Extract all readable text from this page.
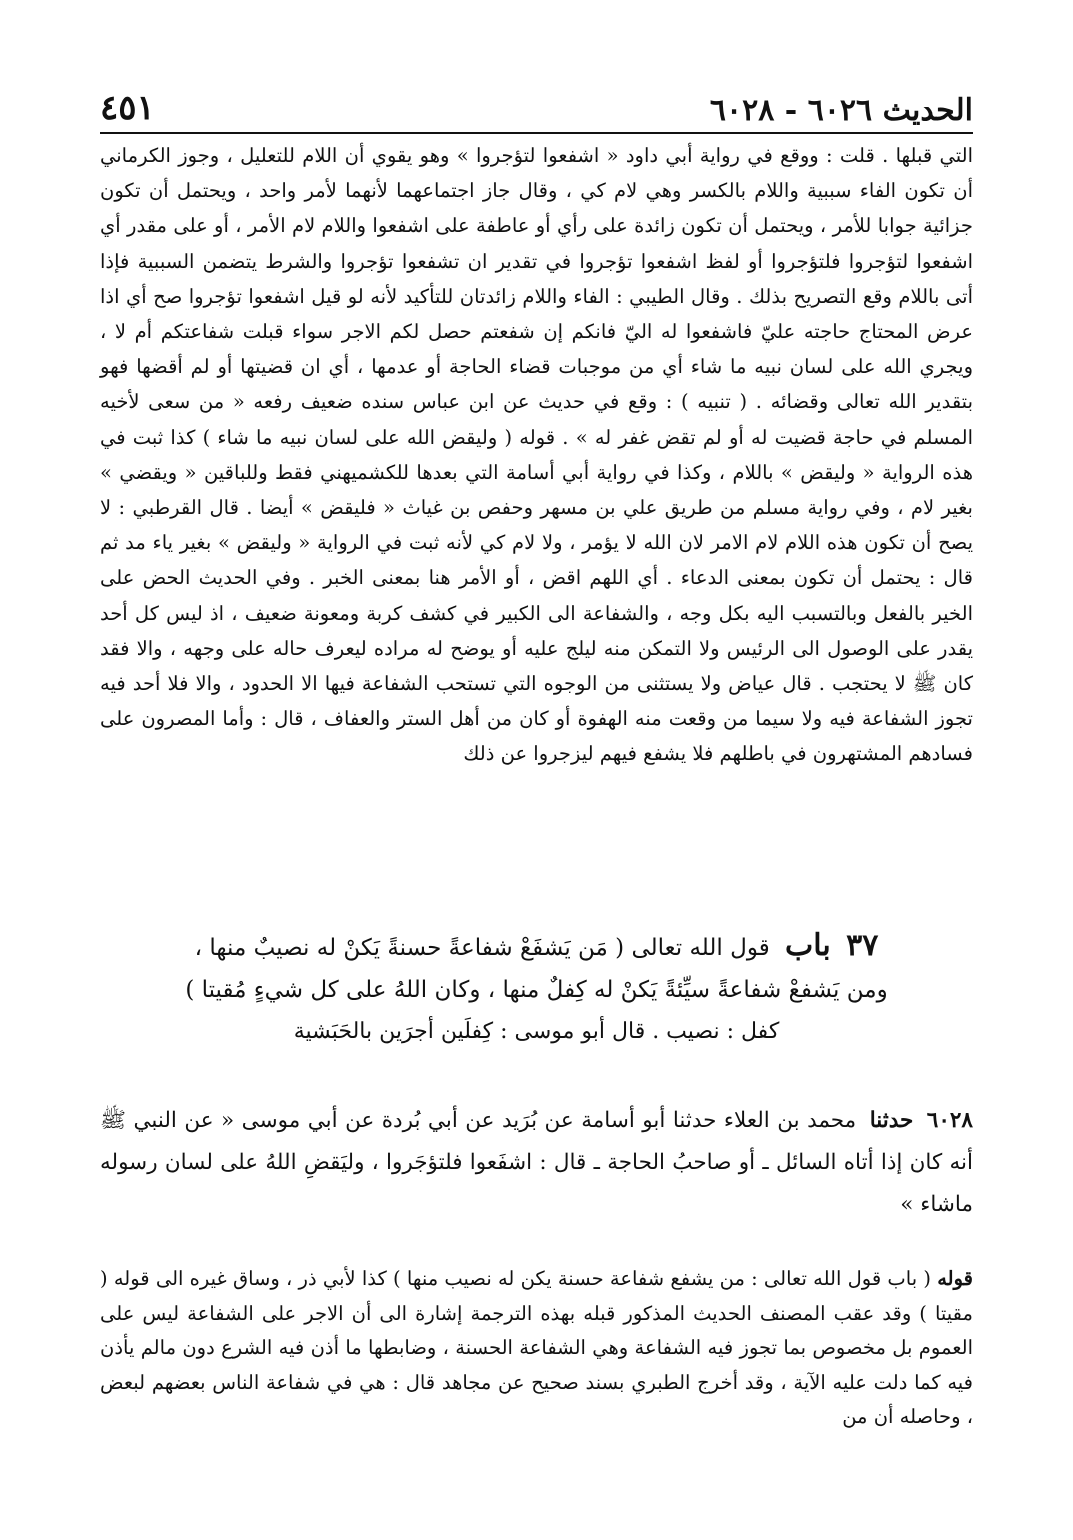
الحديث ٦٠٢٦ - ٦٠٢٨
٤٥١
التي قبلها . قلت : ووقع في رواية أبي داود « اشفعوا لتؤجروا » وهو يقوي أن اللام للتعليل ، وجوز الكرماني أن تكون الفاء سببية واللام بالكسر وهي لام كي ، وقال جاز اجتماعهما لأنهما لأمر واحد ، ويحتمل أن تكون جزائية جوابا للأمر ، ويحتمل أن تكون زائدة على رأي أو عاطفة على اشفعوا واللام لام الأمر ، أو على مقدر أي اشفعوا لتؤجروا فلتؤجروا أو لفظ اشفعوا تؤجروا في تقدير ان تشفعوا تؤجروا والشرط يتضمن السببية فإذا أتى باللام وقع التصريح بذلك . وقال الطيبي : الفاء واللام زائدتان للتأكيد لأنه لو قيل اشفعوا تؤجروا صح أي اذا عرض المحتاج حاجته عليّ فاشفعوا له اليّ فانكم إن شفعتم حصل لكم الاجر سواء قبلت شفاعتكم أم لا ، ويجري الله على لسان نبيه ما شاء أي من موجبات قضاء الحاجة أو عدمها ، أي ان قضيتها أو لم أقضها فهو بتقدير الله تعالى وقضائه . ( تنبيه ) : وقع في حديث عن ابن عباس سنده ضعيف رفعه « من سعى لأخيه المسلم في حاجة قضيت له أو لم تقض غفر له » . قوله ( وليقض الله على لسان نبيه ما شاء ) كذا ثبت في هذه الرواية « وليقض » باللام ، وكذا في رواية أبي أسامة التي بعدها للكشميهني فقط وللباقين « ويقضي » بغير لام ، وفي رواية مسلم من طريق علي بن مسهر وحفص بن غياث « فليقض » أيضا . قال القرطبي : لا يصح أن تكون هذه اللام لام الامر لان الله لا يؤمر ، ولا لام كي لأنه ثبت في الرواية « وليقض » بغير ياء مد ثم قال : يحتمل أن تكون بمعنى الدعاء . أي اللهم اقض ، أو الأمر هنا بمعنى الخبر . وفي الحديث الحض على الخير بالفعل وبالتسبب اليه بكل وجه ، والشفاعة الى الكبير في كشف كربة ومعونة ضعيف ، اذ ليس كل أحد يقدر على الوصول الى الرئيس ولا التمكن منه ليلج عليه أو يوضح له مراده ليعرف حاله على وجهه ، والا فقد كان ﷺ لا يحتجب . قال عياض ولا يستثنى من الوجوه التي تستحب الشفاعة فيها الا الحدود ، والا فلا أحد فيه تجوز الشفاعة فيه ولا سيما من وقعت منه الهفوة أو كان من أهل الستر والعفاف ، قال : وأما المصرون على فسادهم المشتهرون في باطلهم فلا يشفع فيهم ليزجروا عن ذلك
٣٧ باب قول الله تعالى ( مَن يَشفَعْ شفاعةً حسنةً يَكنْ له نصيبٌ منها ،
ومن يَشفعْ شفاعةً سيِّئةً يَكنْ له كِفلٌ منها ، وكان اللهُ على كل شيءٍ مُقيتا )
كفل : نصيب . قال أبو موسى : كِفلَين أجرَين بالحَبَشية
٦٠٢٨ حدثنا محمد بن العلاء حدثنا أبو أسامة عن بُرَيد عن أبي بُردة عن أبي موسى « عن النبي ﷺ أنه كان إذا أتاه السائل ـ أو صاحبُ الحاجة ـ قال : اشفَعوا فلتؤجَروا ، وليَقضِ اللهُ على لسان رسوله ماشاء »
قوله ( باب قول الله تعالى : من يشفع شفاعة حسنة يكن له نصيب منها ) كذا لأبي ذر ، وساق غيره الى قوله ( مقيتا ) وقد عقب المصنف الحديث المذكور قبله بهذه الترجمة إشارة الى أن الاجر على الشفاعة ليس على العموم بل مخصوص بما تجوز فيه الشفاعة وهي الشفاعة الحسنة ، وضابطها ما أذن فيه الشرع دون مالم يأذن فيه كما دلت عليه الآية ، وقد أخرج الطبري بسند صحيح عن مجاهد قال : هي في شفاعة الناس بعضهم لبعض ، وحاصله أن من
